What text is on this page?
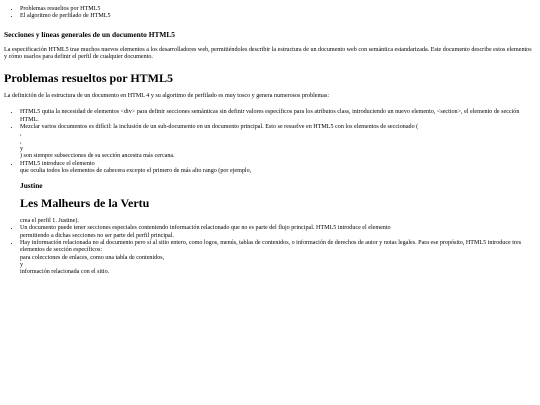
• Problemas resueltos por HTML5
• El algoritmo de perfilado de HTML5
Secciones y líneas generales de un documento HTML5

La especificación HTML5 trae muchos nuevos elementos a los desarrolladores web, permitiéndoles describir la estructura de un documento web con semántica estandarizada. Este documento describe estos elementos y cómo usarlos para definir el perfil de cualquier documento.

Problemas resueltos por HTML5

La definición de la estructura de un documento en HTML 4 y su algoritmo de perfilado es muy tosco y genera numerosos problemas:

• HTML5 quita la necesidad de elementos <div> para definir secciones semánticas sin definir valores específicos para los atributos class, introduciendo un nuevo elemento, <section>, el elemento de sección HTML.
• Mezclar varios documentos es difícil: la inclusión de un sub-documento en un documento principal. Esto se resuelve en HTML5 con los elementos de seccionado (
,
,
y
) son siempre subsecciones de su sección ancestra más cercana.
• HTML5 introduce el elemento
que oculta todos los elementos de cabecera excepto el primero de más alto rango (por ejemplo,
Justine
Les Malheurs de la Vertu
crea el perfil 1. Justine).
• Un documento puede tener secciones especiales conteniendo información relacionado que no es parte del flujo principal. HTML5 introduce el elemento
permitiendo a dichas secciones no ser parte del perfil principal.
• Hay información relacionada no al documento pero sí al sitio entero, como logos, menús, tablas de contenidos, o información de derechos de autor y notas legales. Para ese propósito, HTML5 introduce tres elementos de sección específicos:
para colecciones de enlaces, como una tabla de contenidos,
y
información relacionada con el sitio.
